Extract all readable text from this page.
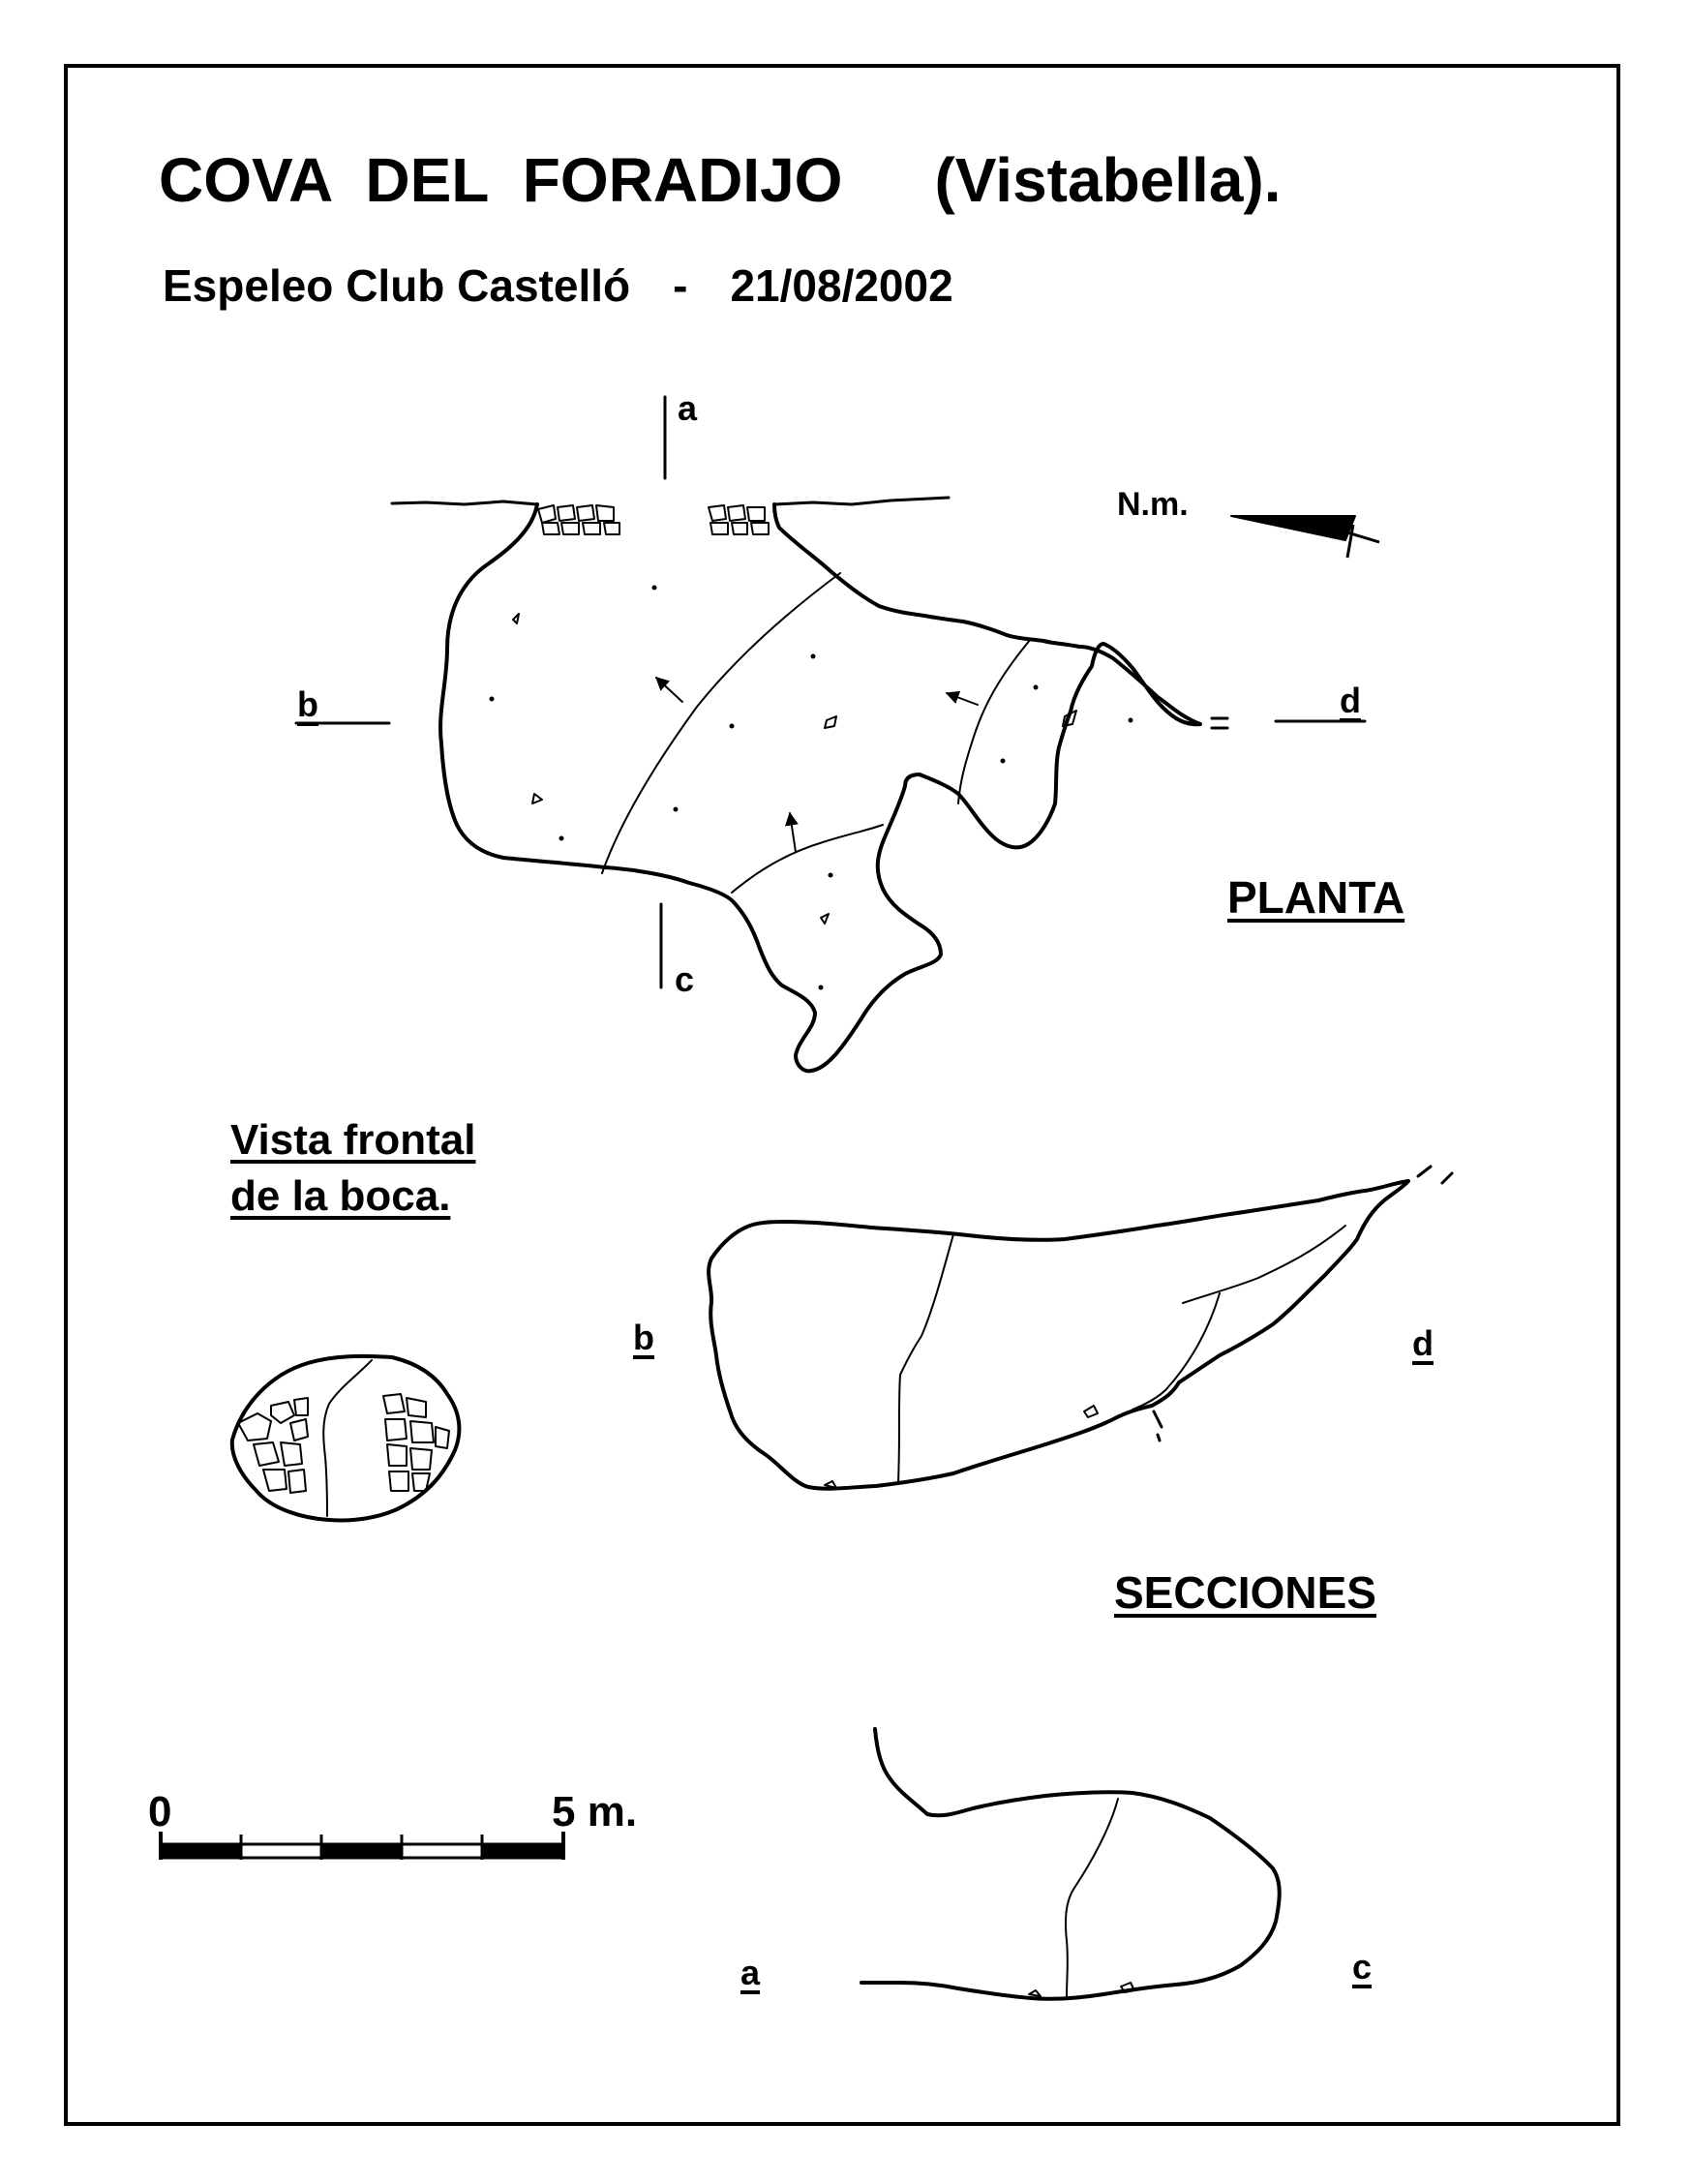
COVA  DEL  FORADIJO (Vistabella).
Espeleo Club Castelló - 21/08/2002
a
c
b	d
N.m.
PLANTA
Vista frontal
de la boca.
b	d
SECCIONES
a	c
0	5 m.
